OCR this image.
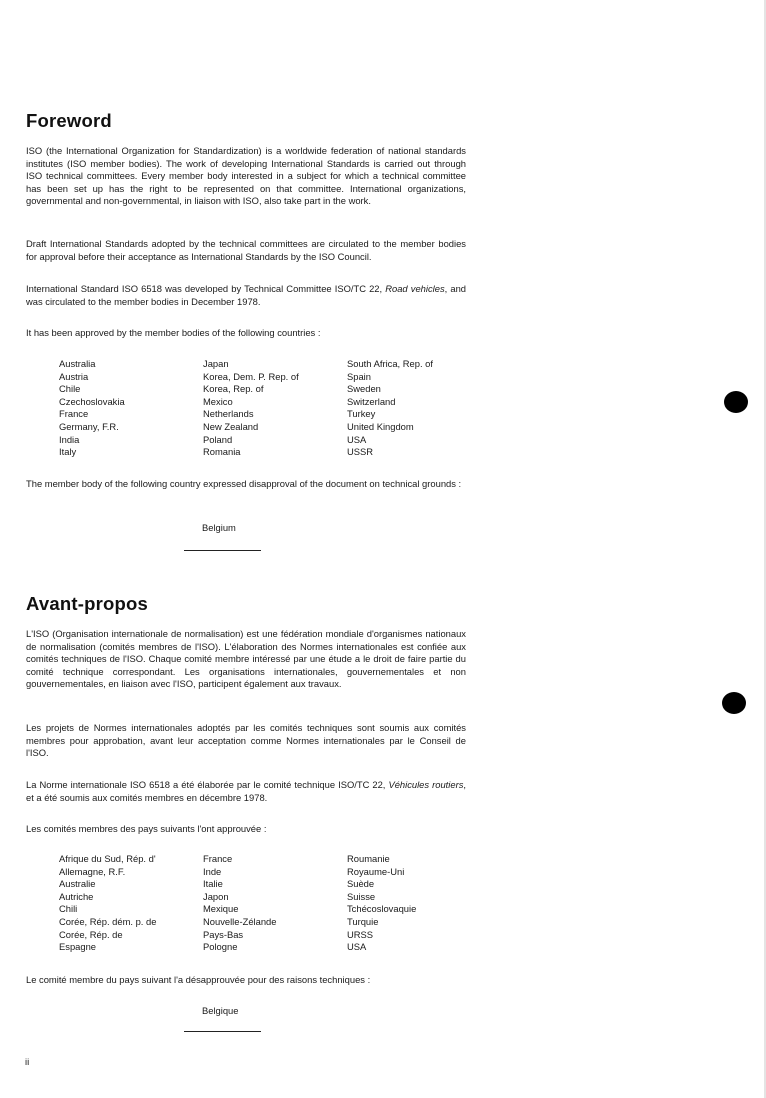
Foreword

ISO (the International Organization for Standardization) is a worldwide federation of national standards institutes (ISO member bodies). The work of developing International Standards is carried out through ISO technical committees. Every member body interested in a subject for which a technical committee has been set up has the right to be represented on that committee. International organizations, governmental and non-governmental, in liaison with ISO, also take part in the work.

Draft International Standards adopted by the technical committees are circulated to the member bodies for approval before their acceptance as International Standards by the ISO Council.

International Standard ISO 6518 was developed by Technical Committee ISO/TC 22, Road vehicles, and was circulated to the member bodies in December 1978.

It has been approved by the member bodies of the following countries :

Australia
Austria
Chile
Czechoslovakia
France
Germany, F.R.
India
Italy
Japan
Korea, Dem. P. Rep. of
Korea, Rep. of
Mexico
Netherlands
New Zealand
Poland
Romania
South Africa, Rep. of
Spain
Sweden
Switzerland
Turkey
United Kingdom
USA
USSR

The member body of the following country expressed disapproval of the document on technical grounds :

Belgium
Avant-propos

L'ISO (Organisation internationale de normalisation) est une fédération mondiale d'organismes nationaux de normalisation (comités membres de l'ISO). L'élaboration des Normes internationales est confiée aux comités techniques de l'ISO. Chaque comité membre intéressé par une étude a le droit de faire partie du comité technique correspondant. Les organisations internationales, gouvernementales et non gouvernementales, en liaison avec l'ISO, participent également aux travaux.

Les projets de Normes internationales adoptés par les comités techniques sont soumis aux comités membres pour approbation, avant leur acceptation comme Normes internationales par le Conseil de l'ISO.

La Norme internationale ISO 6518 a été élaborée par le comité technique ISO/TC 22, Véhicules routiers, et a été soumis aux comités membres en décembre 1978.

Les comités membres des pays suivants l'ont approuvée :

Afrique du Sud, Rép. d'
Allemagne, R.F.
Australie
Autriche
Chili
Corée, Rép. dém. p. de
Corée, Rép. de
Espagne
France
Inde
Italie
Japon
Mexique
Nouvelle-Zélande
Pays-Bas
Pologne
Roumanie
Royaume-Uni
Suède
Suisse
Tchécoslovaquie
Turquie
URSS
USA

Le comité membre du pays suivant l'a désapprouvée pour des raisons techniques :

Belgique
ii
